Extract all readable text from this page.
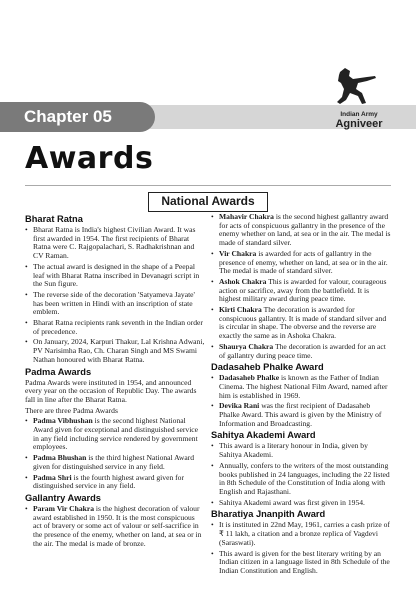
Chapter 05	Indian Army
Agniveer
Awards
National Awards
Bharat Ratna
• Bharat Ratna is India's highest Civilian Award. It was first awarded in 1954. The first recipients of Bharat Ratna were C. Rajgopalachari, S. Radhakrishnan and CV Raman.
• The actual award is designed in the shape of a Peepal leaf with Bharat Ratna inscribed in Devanagri script in the Sun figure.
• The reverse side of the decoration 'Satyameva Jayate' has been written in Hindi with an inscription of state emblem.
• Bharat Ratna recipients rank seventh in the Indian order of precedence.
• On January, 2024, Karpuri Thakur, Lal Krishna Adwani, PV Narisimha Rao, Ch. Charan Singh and MS Swami Nathan honoured with Bharat Ratna.
Padma Awards
Padma Awards were instituted in 1954, and announced every year on the occasion of Republic Day. The awards fall in line after the Bharat Ratna.
There are three Padma Awards
• Padma Vibhushan is the second highest National Award given for exceptional and distinguished service in any field including service rendered by government employees.
• Padma Bhushan is the third highest National Award given for distinguished service in any field.
• Padma Shri is the fourth highest award given for distinguished service in any field.
Gallantry Awards
• Param Vir Chakra is the highest decoration of valour award established in 1950. It is the most conspicuous act of bravery or some act of valour or self-sacrifice in the presence of the enemy, whether on land, at sea or in the air. The medal is made of bronze.
• Mahavir Chakra is the second highest gallantry award for acts of conspicuous gallantry in the presence of the enemy whether on land, at sea or in the air. The medal is made of standard silver.
• Vir Chakra is awarded for acts of gallantry in the presence of enemy, whether on land, at sea or in the air. The medal is made of standard silver.
• Ashok Chakra This is awarded for valour, courageous action or sacrifice, away from the battlefield. It is highest military award during peace time.
• Kirti Chakra The decoration is awarded for conspicuous gallantry. It is made of standard silver and is circular in shape. The obverse and the reverse are exactly the same as in Ashoka Chakra.
• Shaurya Chakra The decoration is awarded for an act of gallantry during peace time.
Dadasaheb Phalke Award
• Dadasaheb Phalke is known as the Father of Indian Cinema. The highest National Film Award, named after him is established in 1969.
• Devika Rani was the first recipient of Dadasaheb Phalke Award. This award is given by the Ministry of Information and Broadcasting.
Sahitya Akademi Award
• This award is a literary honour in India, given by Sahitya Akademi.
• Annually, confers to the writers of the most outstanding books published in 24 languages, including the 22 listed in 8th Schedule of the Constitution of India along with English and Rajasthani.
• Sahitya Akademi award was first given in 1954.
Bharatiya Jnanpith Award
• It is instituted in 22nd May, 1961, carries a cash prize of ₹ 11 lakh, a citation and a bronze replica of Vagdevi (Saraswati).
• This award is given for the best literary writing by an Indian citizen in a language listed in 8th Schedule of the Indian Constitution and English.
